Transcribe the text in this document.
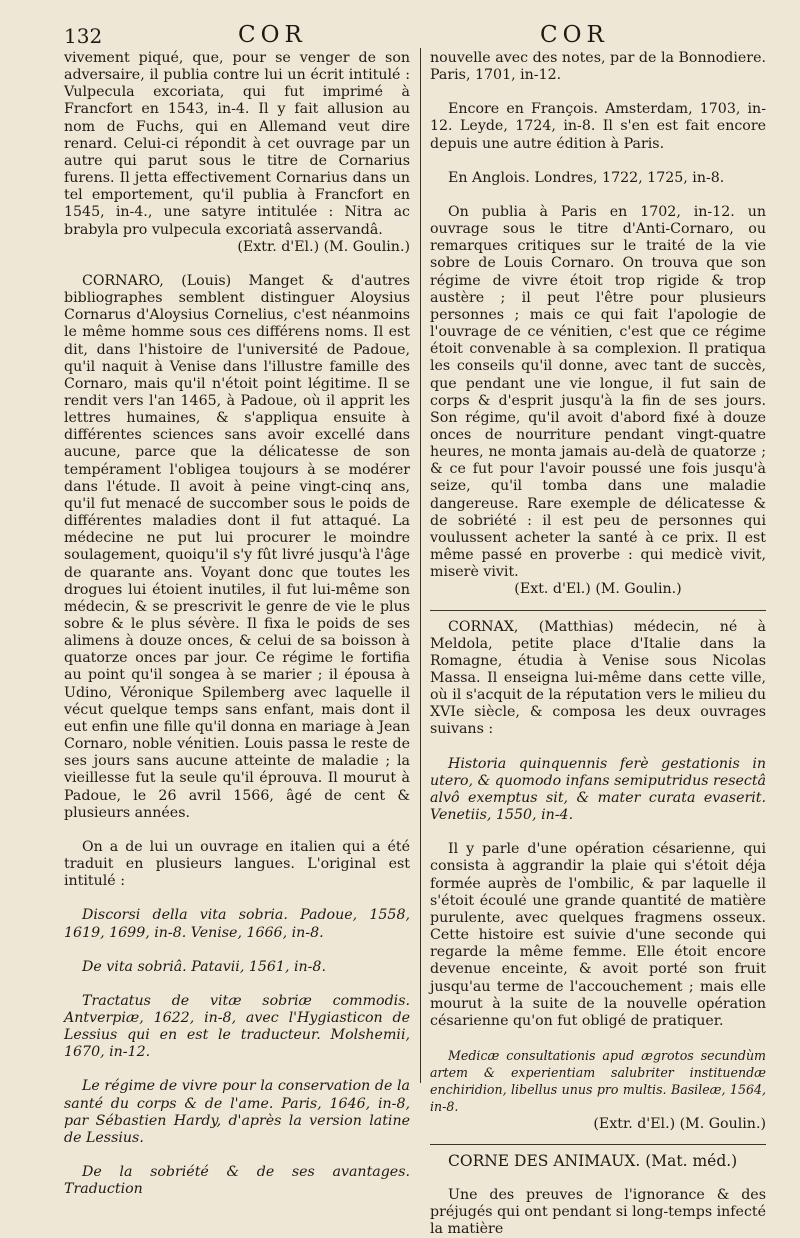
132	COR	COR

vivement piqué, que, pour se venger de son adversaire, il publia contre lui un écrit intitulé : Vulpecula excoriata, qui fut imprimé à Francfort en 1543, in-4. Il y fait allusion au nom de Fuchs, qui en Allemand veut dire renard. Celui-ci répondit à cet ouvrage par un autre qui parut sous le titre de Cornarius furens. Il jetta effectivement Cornarius dans un tel emportement, qu'il publia à Francfort en 1545, in-4., une satyre intitulée : Nitra ac brabyla pro vulpecula excoriatâ asservandâ.

(Extr. d'El.) (M. Goulin.)

CORNARO, (Louis) Manget & d'autres bibliographes semblent distinguer Aloysius Cornarus d'Aloysius Cornelius, c'est néanmoins le même homme sous ces différens noms. Il est dit, dans l'histoire de l'université de Padoue, qu'il naquit à Venise dans l'illustre famille des Cornaro, mais qu'il n'étoit point légitime. Il se rendit vers l'an 1465, à Padoue, où il apprit les lettres humaines, & s'appliqua ensuite à différentes sciences sans avoir excellé dans aucune, parce que la délicatesse de son tempérament l'obligea toujours à se modérer dans l'étude. Il avoit à peine vingt-cinq ans, qu'il fut menacé de succomber sous le poids de différentes maladies dont il fut attaqué. La médecine ne put lui procurer le moindre soulagement, quoiqu'il s'y fût livré jusqu'à l'âge de quarante ans. Voyant donc que toutes les drogues lui étoient inutiles, il fut lui-même son médecin, & se prescrivit le genre de vie le plus sobre & le plus sévère. Il fixa le poids de ses alimens à douze onces, & celui de sa boisson à quatorze onces par jour. Ce régime le fortifia au point qu'il songea à se marier ; il épousa à Udino, Véronique Spilemberg avec laquelle il vécut quelque temps sans enfant, mais dont il eut enfin une fille qu'il donna en mariage à Jean Cornaro, noble vénitien. Louis passa le reste de ses jours sans aucune atteinte de maladie ; la vieillesse fut la seule qu'il éprouva. Il mourut à Padoue, le 26 avril 1566, âgé de cent & plusieurs années.

On a de lui un ouvrage en italien qui a été traduit en plusieurs langues. L'original est intitulé :

Discorsi della vita sobria. Padoue, 1558, 1619, 1699, in-8. Venise, 1666, in-8.

De vita sobriâ. Patavii, 1561, in-8.

Tractatus de vitæ sobriæ commodis. Antverpiæ, 1622, in-8, avec l'Hygiasticon de Lessius qui en est le traducteur. Molshemii, 1670, in-12.

Le régime de vivre pour la conservation de la santé du corps & de l'ame. Paris, 1646, in-8, par Sébastien Hardy, d'après la version latine de Lessius.

De la sobriété & de ses avantages. Traduction

nouvelle avec des notes, par de la Bonnodiere. Paris, 1701, in-12.

Encore en François. Amsterdam, 1703, in-12. Leyde, 1724, in-8. Il s'en est fait encore depuis une autre édition à Paris.

En Anglois. Londres, 1722, 1725, in-8.

On publia à Paris en 1702, in-12. un ouvrage sous le titre d'Anti-Cornaro, ou remarques critiques sur le traité de la vie sobre de Louis Cornaro. On trouva que son régime de vivre étoit trop rigide & trop austère ; il peut l'être pour plusieurs personnes ; mais ce qui fait l'apologie de l'ouvrage de ce vénitien, c'est que ce régime étoit convenable à sa complexion. Il pratiqua les conseils qu'il donne, avec tant de succès, que pendant une vie longue, il fut sain de corps & d'esprit jusqu'à la fin de ses jours. Son régime, qu'il avoit d'abord fixé à douze onces de nourriture pendant vingt-quatre heures, ne monta jamais au-delà de quatorze ; & ce fut pour l'avoir poussé une fois jusqu'à seize, qu'il tomba dans une maladie dangereuse. Rare exemple de délicatesse & de sobriété : il est peu de personnes qui voulussent acheter la santé à ce prix. Il est même passé en proverbe : qui medicè vivit, miserè vivit.

(Ext. d'El.) (M. Goulin.)

CORNAX, (Matthias) médecin, né à Meldola, petite place d'Italie dans la Romagne, étudia à Venise sous Nicolas Massa. Il enseigna lui-même dans cette ville, où il s'acquit de la réputation vers le milieu du XVIe siècle, & composa les deux ouvrages suivans :

Historia quinquennis ferè gestationis in utero, & quomodo infans semiputridus resectâ alvô exemptus sit, & mater curata evaserit. Venetiis, 1550, in-4.

Il y parle d'une opération césarienne, qui consista à aggrandir la plaie qui s'étoit déja formée auprès de l'ombilic, & par laquelle il s'étoit écoulé une grande quantité de matière purulente, avec quelques fragmens osseux. Cette histoire est suivie d'une seconde qui regarde la même femme. Elle étoit encore devenue enceinte, & avoit porté son fruit jusqu'au terme de l'accouchement ; mais elle mourut à la suite de la nouvelle opération césarienne qu'on fut obligé de pratiquer.

Medicæ consultationis apud ægrotos secundùm artem & experientiam salubriter instituendæ enchiridion, libellus unus pro multis. Basileæ, 1564, in-8.

(Extr. d'El.) (M. Goulin.)

CORNE DES ANIMAUX. (Mat. méd.)

Une des preuves de l'ignorance & des préjugés qui ont pendant si long-temps infecté la matière
